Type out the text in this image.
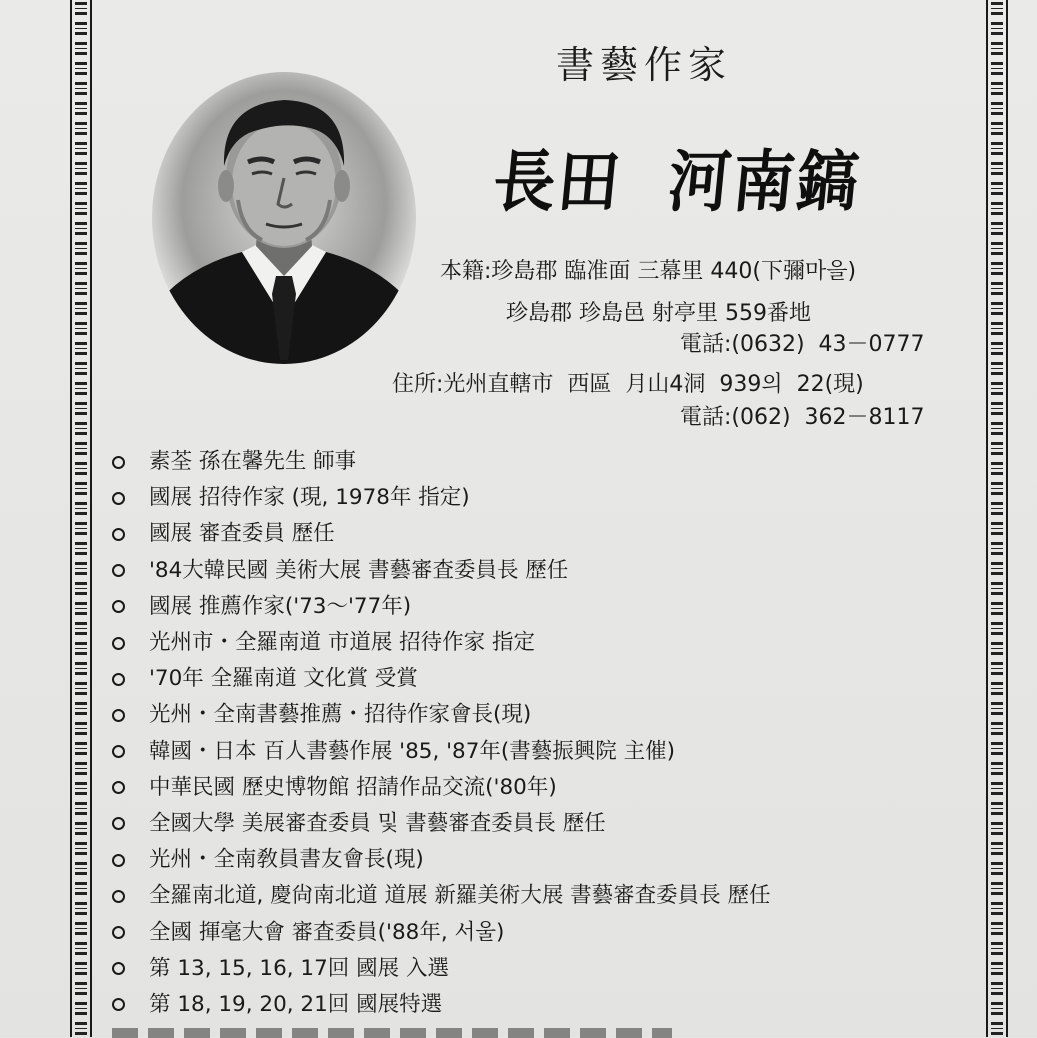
書藝作家
長田  河南鎬
本籍:珍島郡 臨准面 三幕里 440(下彌마을)
珍島郡 珍島邑 射亭里 559番地
電話:(0632)  43－0777
住所:光州直轄市  西區  月山4洞  939의  22(現)
電話:(062)  362－8117
素荃 孫在馨先生 師事
國展 招待作家 (現, 1978年 指定)
國展 審査委員 歷任
'84大韓民國 美術大展 書藝審査委員長 歷任
國展 推薦作家('73～'77年)
光州市・全羅南道 市道展 招待作家 指定
'70年 全羅南道 文化賞 受賞
光州・全南書藝推薦・招待作家會長(現)
韓國・日本 百人書藝作展 '85, '87年(書藝振興院 主催)
中華民國 歷史博物館 招請作品交流('80年)
全國大學 美展審査委員 및 書藝審査委員長 歷任
光州・全南敎員書友會長(現)
全羅南北道, 慶尙南北道 道展 新羅美術大展 書藝審査委員長 歷任
全國 揮毫大會 審査委員('88年, 서울)
第 13, 15, 16, 17回 國展 入選
第 18, 19, 20, 21回 國展特選
